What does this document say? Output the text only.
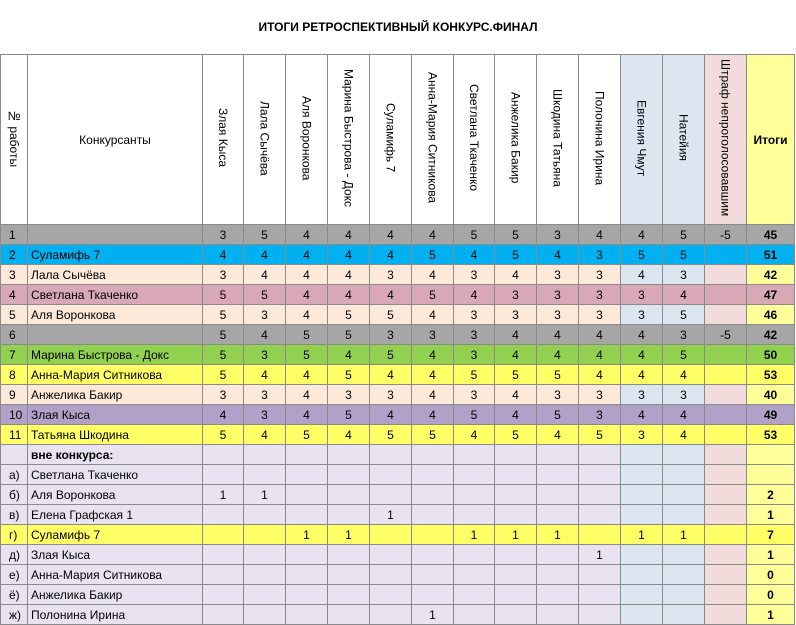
ИТОГИ РЕТРОСПЕКТИВНЫЙ КОНКУРС.ФИНАЛ
№ работы	Конкурсанты	Злая Кыса	Лала Сычёва	Аля Воронкова	Марина Быстрова - Докс	Суламифь 7	Анна-Мария Ситникова	Светлана Ткаченко	Анжелика Бакир	Шкодина Татьяна	Полонина Ирина	Евгения Чмут	Натейия	Штраф непроголосовавшим	Итоги
1		3	5	4	4	4	4	5	5	3	4	4	5	-5	45
2	Суламифь 7	4	4	4	4	4	5	4	5	4	3	5	5		51
3	Лала Сычёва	3	4	4	4	3	4	3	4	3	3	4	3		42
4	Светлана Ткаченко	5	5	4	4	4	5	4	3	3	3	3	4		47
5	Аля Воронкова	5	3	4	5	5	4	3	3	3	3	3	5		46
6		5	4	5	5	3	3	3	4	4	4	4	3	-5	42
7	Марина Быстрова - Докс	5	3	5	4	5	4	3	4	4	4	4	5		50
8	Анна-Мария Ситникова	5	4	4	5	4	4	5	5	5	4	4	4		53
9	Анжелика Бакир	3	3	4	3	3	4	3	4	3	3	3	3		40
10	Злая Кыса	4	3	4	5	4	4	5	4	5	3	4	4		49
11	Татьяна Шкодина	5	4	5	4	5	5	4	5	4	5	3	4		53
	вне конкурса:														
а)	Светлана Ткаченко														
б)	Аля Воронкова	1	1												2
в)	Елена Графская 1					1									1
г)	Суламифь 7			1	1			1	1	1		1	1		7
д)	Злая Кыса										1				1
е)	Анна-Мария Ситникова														0
ё)	Анжелика Бакир														0
ж)	Полонина Ирина						1								1
